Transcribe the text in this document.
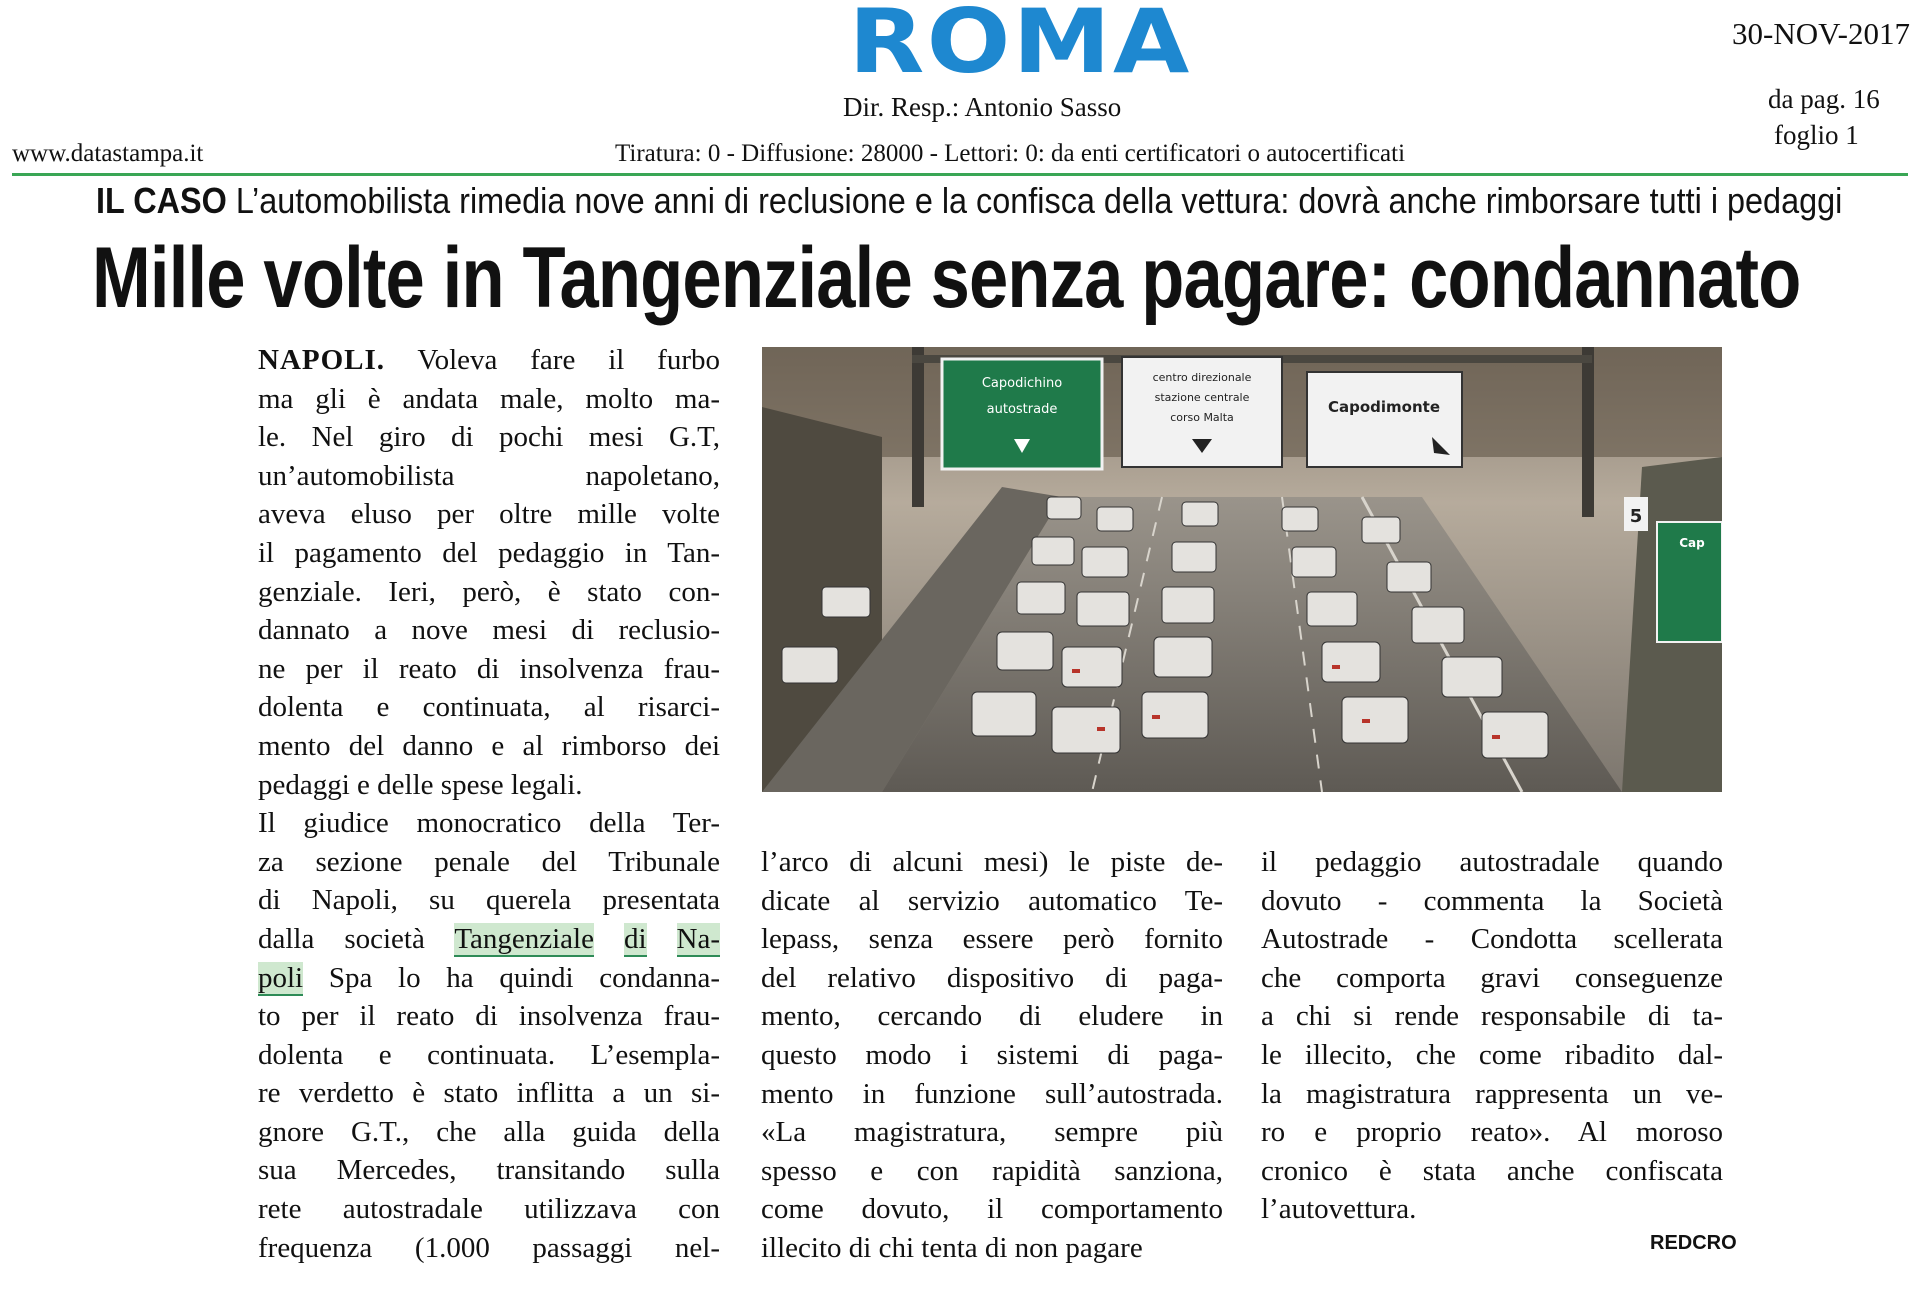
ROMA	30-NOV-2017
Dir. Resp.: Antonio Sasso	da pag. 16
foglio 1
www.datastampa.it	Tiratura: 0 - Diffusione: 28000 - Lettori: 0: da enti certificatori o autocertificati
IL CASO L’automobilista rimedia nove anni di reclusione e la confisca della vettura: dovrà anche rimborsare tutti i pedaggi
Mille volte in Tangenziale senza pagare: condannato
NAPOLI. Voleva fare il furbo
ma gli è andata male, molto ma-
le. Nel giro di pochi mesi G.T,
un’automobilista napoletano,
aveva eluso per oltre mille volte
il pagamento del pedaggio in Tan-
genziale. Ieri, però, è stato con-
dannato a nove mesi di reclusio-
ne per il reato di insolvenza frau-
dolenta e continuata, al risarci-
mento del danno e al rimborso dei
pedaggi e delle spese legali.
Il giudice monocratico della Ter-
za sezione penale del Tribunale
di Napoli, su querela presentata
dalla società Tangenziale di Na-
poli Spa lo ha quindi condanna-
to per il reato di insolvenza frau-
dolenta e continuata. L’esempla-
re verdetto è stato inflitta a un si-
gnore G.T., che alla guida della
sua Mercedes, transitando sulla
rete autostradale utilizzava con
frequenza (1.000 passaggi nel-
Capodichino
autostrade
centro direzionale
stazione centrale
corso Malta
Capodimonte
Cap
5
l’arco di alcuni mesi) le piste de-
dicate al servizio automatico Te-
lepass, senza essere però fornito
del relativo dispositivo di paga-
mento, cercando di eludere in
questo modo i sistemi di paga-
mento in funzione sull’autostrada.
«La magistratura, sempre più
spesso e con rapidità sanziona,
come dovuto, il comportamento
illecito di chi tenta di non pagare
il pedaggio autostradale quando
dovuto - commenta la Società
Autostrade - Condotta scellerata
che comporta gravi conseguenze
a chi si rende responsabile di ta-
le illecito, che come ribadito dal-
la magistratura rappresenta un ve-
ro e proprio reato». Al moroso
cronico è stata anche confiscata
l’autovettura.
REDCRO
